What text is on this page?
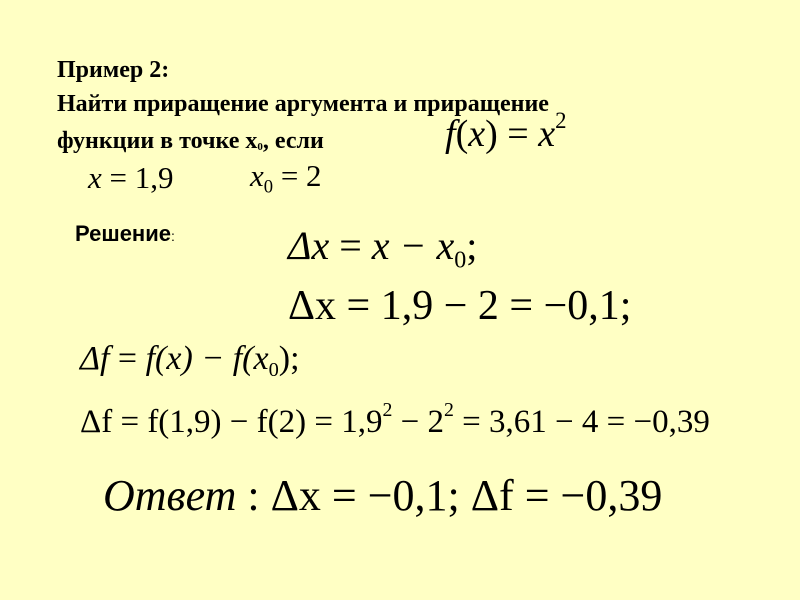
Пример 2:
Найти приращение аргумента и приращение
функции в точке $х_0$, если	$f(x) = x^2$
x = 1,9 $x_0 = 2$
Решение:	$\Delta x = x - x_0$;
Δx = 1,9 − 2 = −0,1;
$\Delta f = f(x) - f(x_0)$;
$\Delta f = f(1,9) - f(2) = 1,9^2 - 2^2 = 3,61 - 4 = -0,39$
Ответ : Δx = −0,1; Δf = −0,39
